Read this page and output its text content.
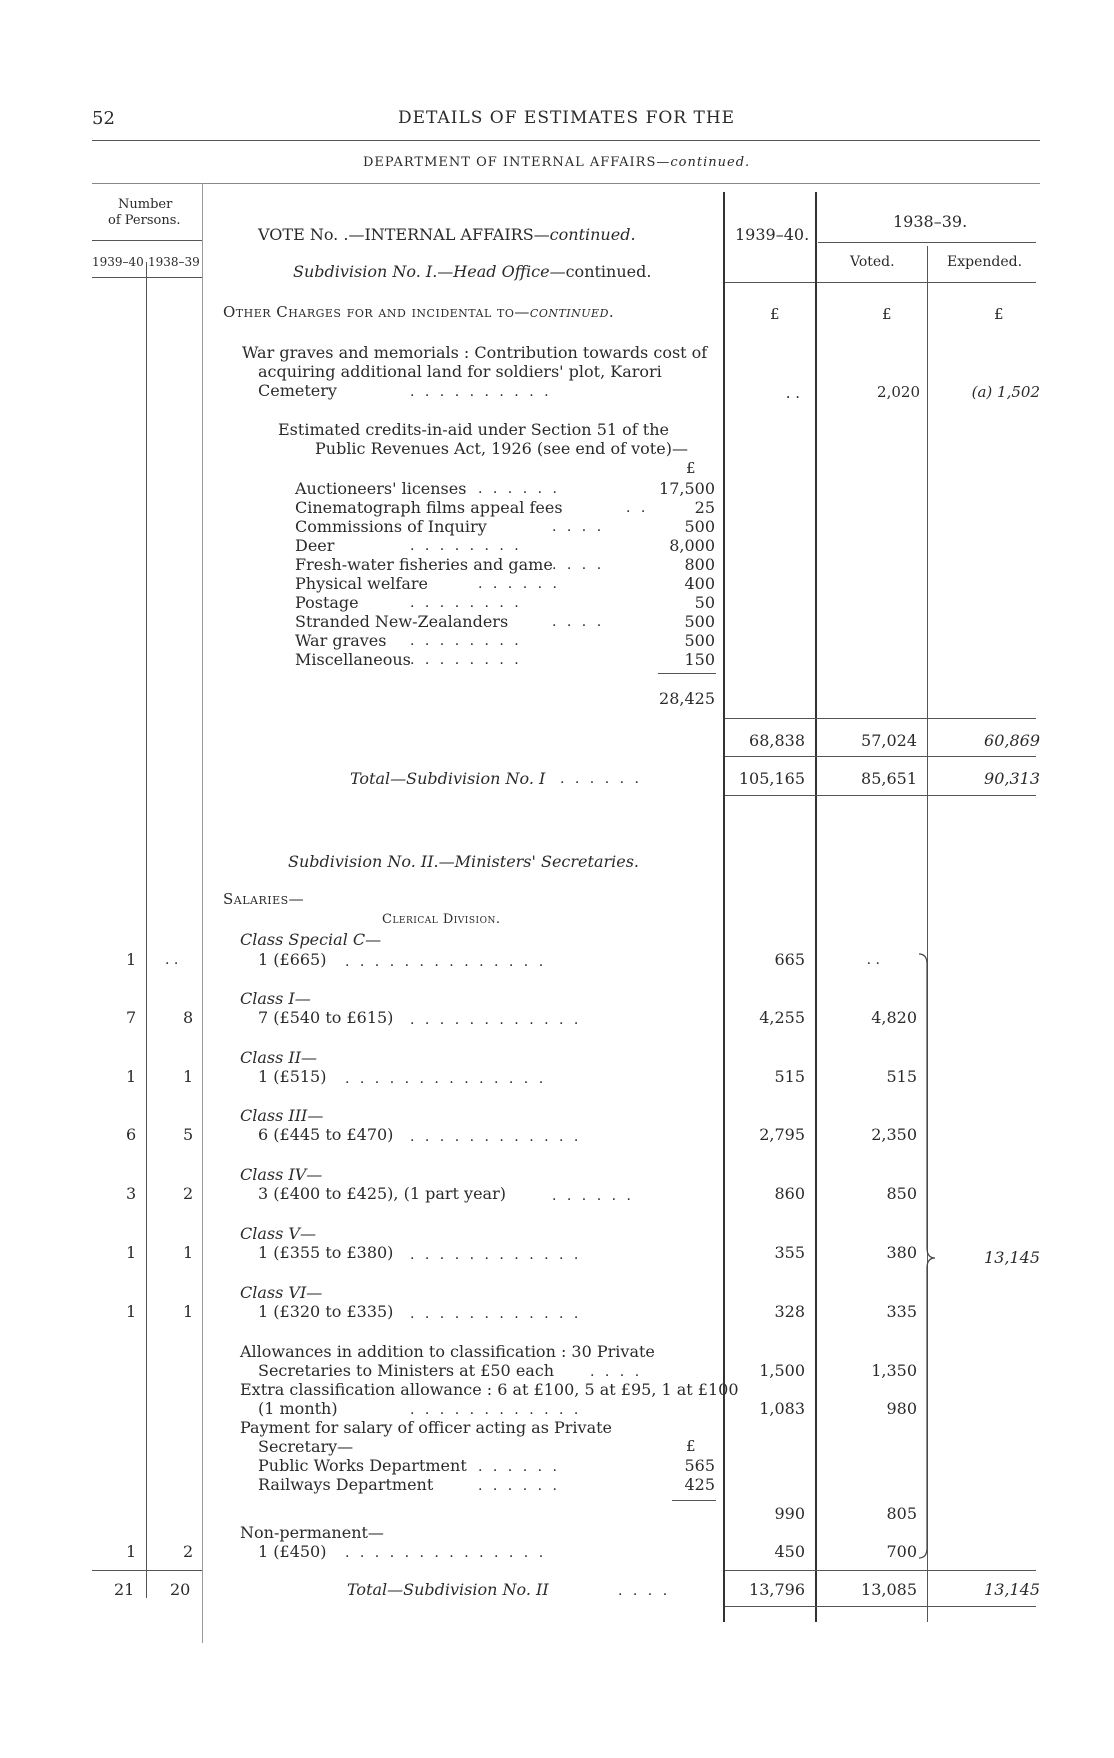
52	DETAILS OF ESTIMATES FOR THE
DEPARTMENT OF INTERNAL AFFAIRS—continued.
Number
of Persons.
1939–40 1938–39
VOTE No. .—INTERNAL AFFAIRS—continued.
Subdivision No. I.—Head Office—continued.
1939–40.
1938–39.
Voted.	Expended.
Other Charges for and incidental to—continued.	£	£	£
War graves and memorials : Contribution towards cost of
acquiring additional land for soldiers' plot, Karori
Cemetery	. . . . . . . . . .	. .	2,020	(a) 1,502
Estimated credits-in-aid under Section 51 of the
Public Revenues Act, 1926 (see end of vote)—
£
Auctioneers' licenses . . . . . .	17,500
Cinematograph films appeal fees	. .	25
Commissions of Inquiry	. . . .	500
Deer	. . . . . . . .	8,000
Fresh-water fisheries and game . . . .	800
Physical welfare	. . . . . .	400
Postage	. . . . . . . .	50
Stranded New-Zealanders	. . . .	500
War graves . . . . . . . .	500
Miscellaneous . . . . . . . .	150
28,425
68,838	57,024	60,869
Total—Subdivision No. I . . . . . .	105,165	85,651	90,313
Subdivision No. II.—Ministers' Secretaries.
Salaries—
Clerical Division.
Class Special C—
1 (£665) . . . . . . . . . . . . . .
1 . .	665	. .
Class I—
7 (£540 to £615) . . . . . . . . . . . .
7	8	4,255	4,820
Class II—
1 (£515) . . . . . . . . . . . . . .
1	1	515	515
Class III—
6 (£445 to £470) . . . . . . . . . . . .
6	5	2,795	2,350
Class IV—
3 (£400 to £425), (1 part year)	. . . . . .
3	2	860	850
Class V—
1 (£355 to £380) . . . . . . . . . . . .
1	1	355	380
Class VI—
1 (£320 to £335) . . . . . . . . . . . .
1	1	328	335
13,145
Allowances in addition to classification : 30 Private
Secretaries to Ministers at £50 each	. . . .	1,500	1,350
Extra classification allowance : 6 at £100, 5 at £95, 1 at £100
(1 month)	. . . . . . . . . . . .	1,083	980
Payment for salary of officer acting as Private
Secretary—	£
Public Works Department . . . . . .	565
Railways Department	. . . . . .	425
990	805
Non-permanent—
1 (£450) . . . . . . . . . . . . . .
1	2	450	700
21 20	Total—Subdivision No. II	. . . .	13,796	13,085	13,145
